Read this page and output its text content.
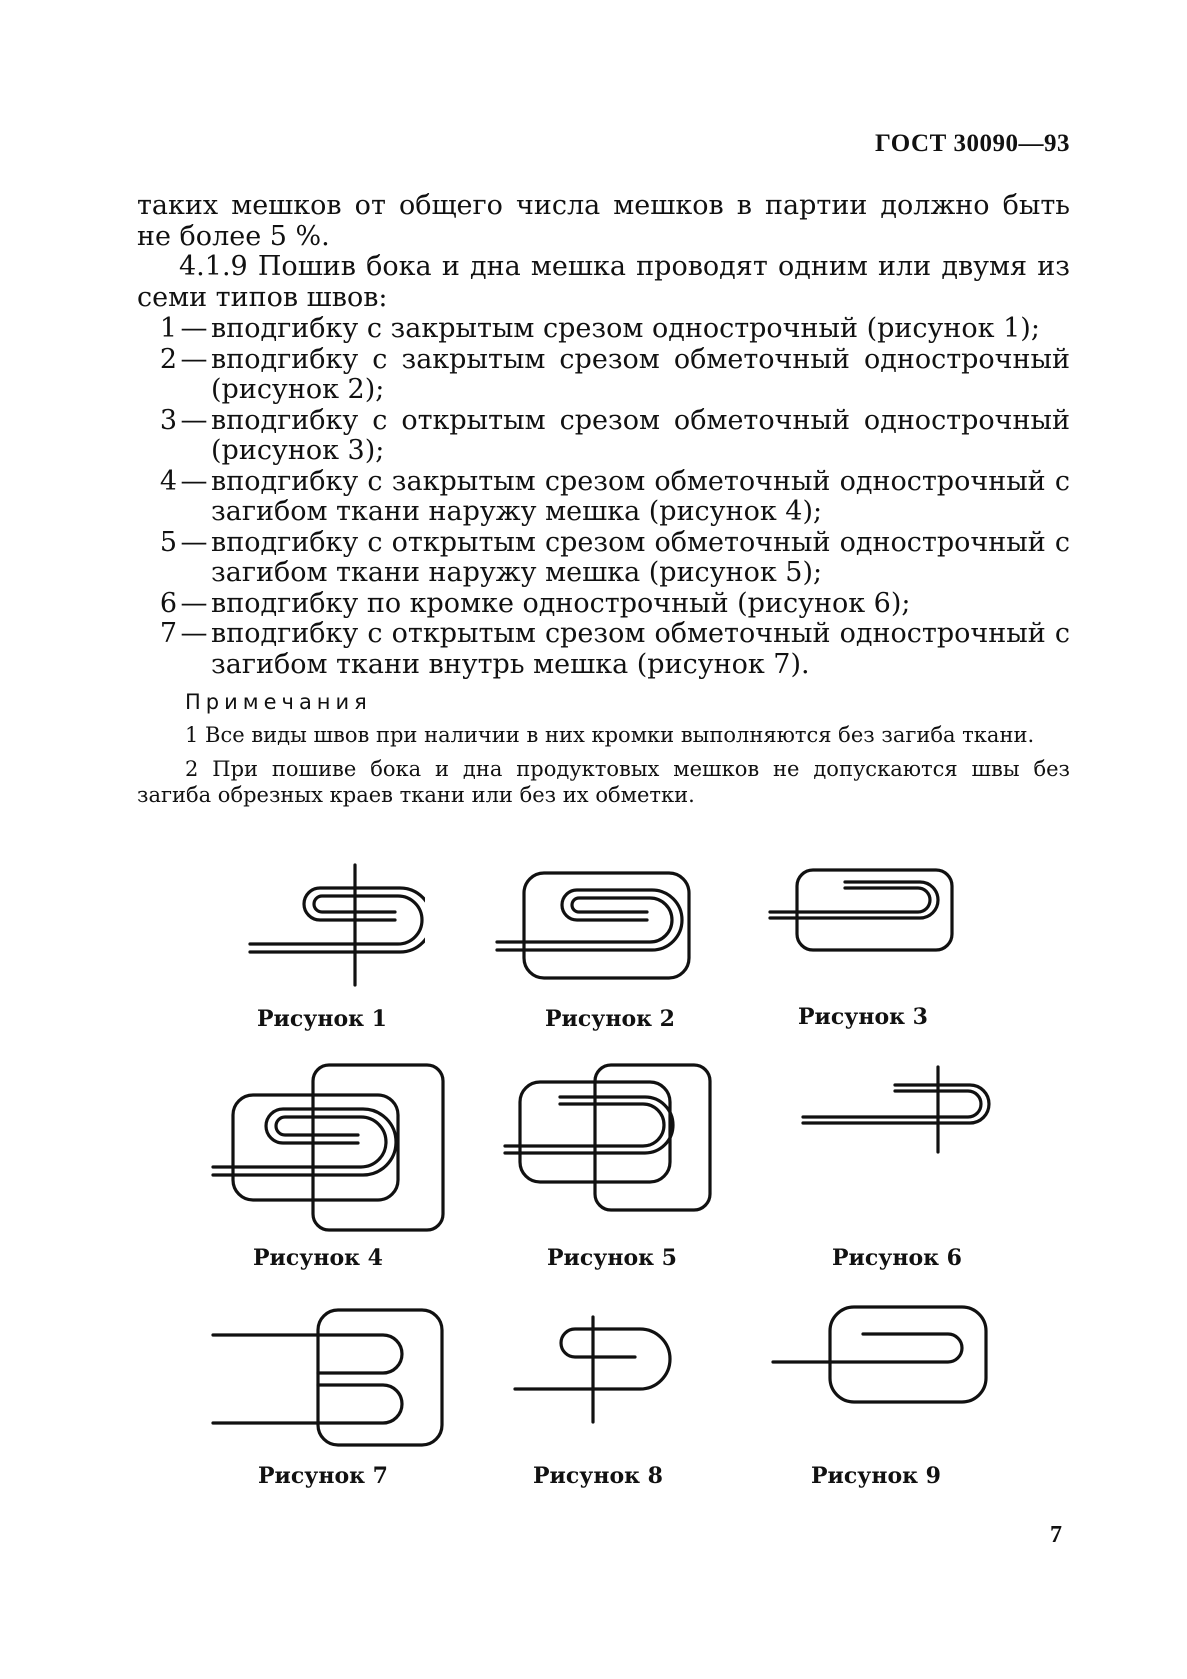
ГОСТ 30090—93
таких мешков от общего числа мешков в партии должно быть не более 5 %.
4.1.9 Пошив бока и дна мешка проводят одним или двумя из семи типов швов:
1 — вподгибку с закрытым срезом однострочный (рисунок 1);
2 — вподгибку с закрытым срезом обметочный однострочный (рисунок 2);
3 — вподгибку с открытым срезом обметочный однострочный (рисунок 3);
4 — вподгибку с закрытым срезом обметочный однострочный с загибом ткани наружу мешка (рисунок 4);
5 — вподгибку с открытым срезом обметочный однострочный с загибом ткани наружу мешка (рисунок 5);
6 — вподгибку по кромке однострочный (рисунок 6);
7 — вподгибку с открытым срезом обметочный однострочный с загибом ткани внутрь мешка (рисунок 7).
Примечания

1 Все виды швов при наличии в них кромки выполняются без загиба ткани.

2 При пошиве бока и дна продуктовых мешков не допускаются швы без загиба обрезных краев ткани или без их обметки.

Рисунок 1	Рисунок 2	Рисунок 3
Рисунок 4	Рисунок 5	Рисунок 6
Рисунок 7	Рисунок 8	Рисунок 9
7
